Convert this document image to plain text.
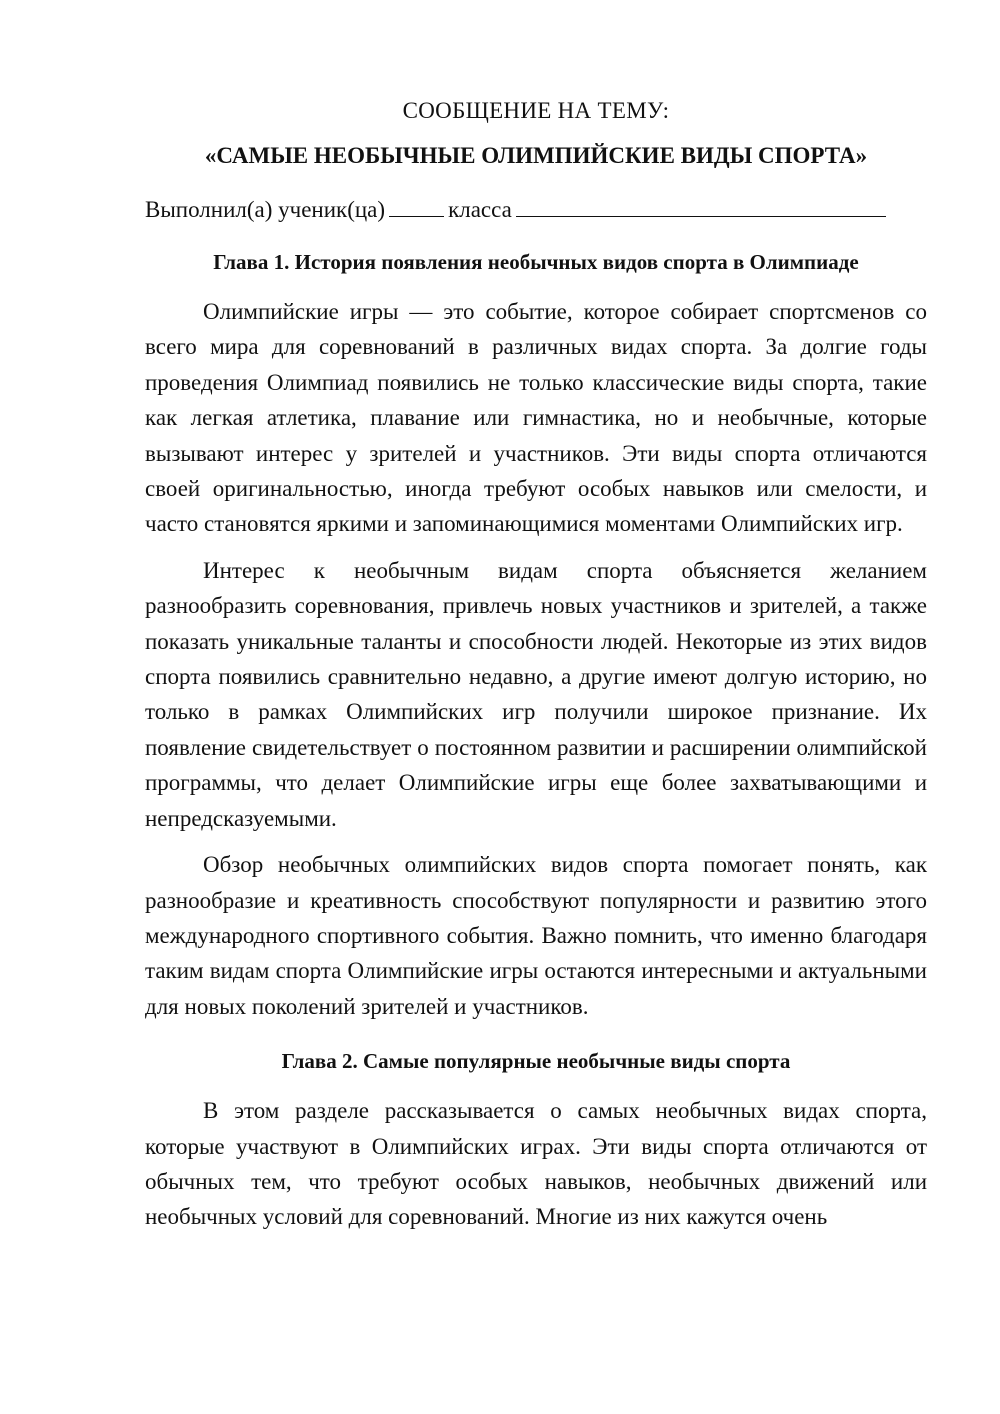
СООБЩЕНИЕ НА ТЕМУ:

«САМЫЕ НЕОБЫЧНЫЕ ОЛИМПИЙСКИЕ ВИДЫ СПОРТА»

Выполнил(а) ученик(ца)	класса

Глава 1. История появления необычных видов спорта в Олимпиаде

Олимпийские игры — это событие, которое собирает спортсменов со всего мира для соревнований в различных видах спорта. За долгие годы проведения Олимпиад появились не только классические виды спорта, такие как легкая атлетика, плавание или гимнастика, но и необычные, которые вызывают интерес у зрителей и участников. Эти виды спорта отличаются своей оригинальностью, иногда требуют особых навыков или смелости, и часто становятся яркими и запоминающимися моментами Олимпийских игр.

Интерес к необычным видам спорта объясняется желанием разнообразить соревнования, привлечь новых участников и зрителей, а также показать уникальные таланты и способности людей. Некоторые из этих видов спорта появились сравнительно недавно, а другие имеют долгую историю, но только в рамках Олимпийских игр получили широкое признание. Их появление свидетельствует о постоянном развитии и расширении олимпийской программы, что делает Олимпийские игры еще более захватывающими и непредсказуемыми.

Обзор необычных олимпийских видов спорта помогает понять, как разнообразие и креативность способствуют популярности и развитию этого международного спортивного события. Важно помнить, что именно благодаря таким видам спорта Олимпийские игры остаются интересными и актуальными для новых поколений зрителей и участников.

Глава 2. Самые популярные необычные виды спорта

В этом разделе рассказывается о самых необычных видах спорта, которые участвуют в Олимпийских играх. Эти виды спорта отличаются от обычных тем, что требуют особых навыков, необычных движений или необычных условий для соревнований. Многие из них кажутся очень
